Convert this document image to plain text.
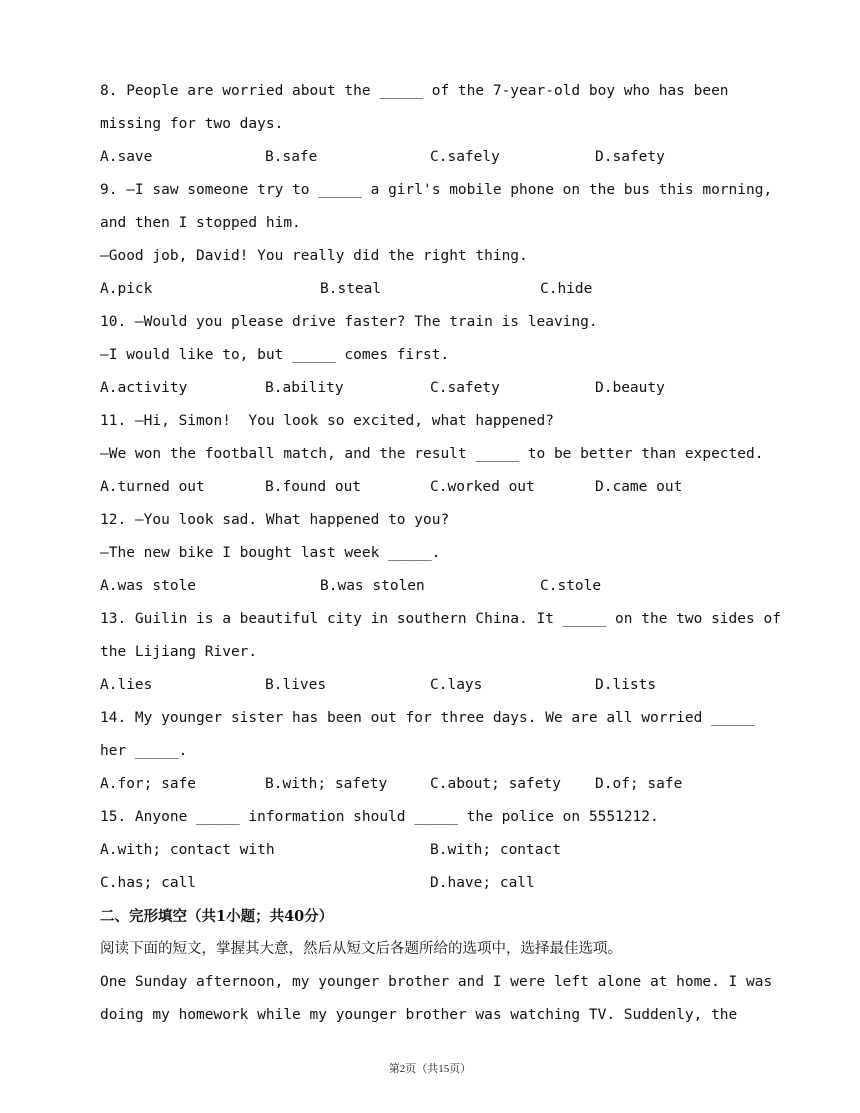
8. People are worried about the _____ of the 7-year-old boy who has been
missing for two days.
A.save	B.safe	C.safely	D.safety
9. —I saw someone try to _____ a girl's mobile phone on the bus this morning,
and then I stopped him.
—Good job, David! You really did the right thing.
A.pick	B.steal	C.hide
10. —Would you please drive faster? The train is leaving.
—I would like to, but _____ comes first.
A.activity	B.ability	C.safety	D.beauty
11. —Hi, Simon!  You look so excited, what happened?
—We won the football match, and the result _____ to be better than expected.
A.turned out	B.found out	C.worked out	D.came out
12. —You look sad. What happened to you?
—The new bike I bought last week _____.
A.was stole	B.was stolen	C.stole
13. Guilin is a beautiful city in southern China. It _____ on the two sides of
the Lijiang River.
A.lies	B.lives	C.lays	D.lists
14. My younger sister has been out for three days. We are all worried _____
her _____.
A.for; safe	B.with; safety	C.about; safety	D.of; safe
15. Anyone _____ information should _____ the police on 5551212.
A.with; contact with	B.with; contact
C.has; call	D.have; call
二、完形填空（共1小题；共40分）
阅读下面的短文，掌握其大意，然后从短文后各题所给的选项中，选择最佳选项。
One Sunday afternoon, my younger brother and I were left alone at home. I was
doing my homework while my younger brother was watching TV. Suddenly, the
第2页（共15页）
